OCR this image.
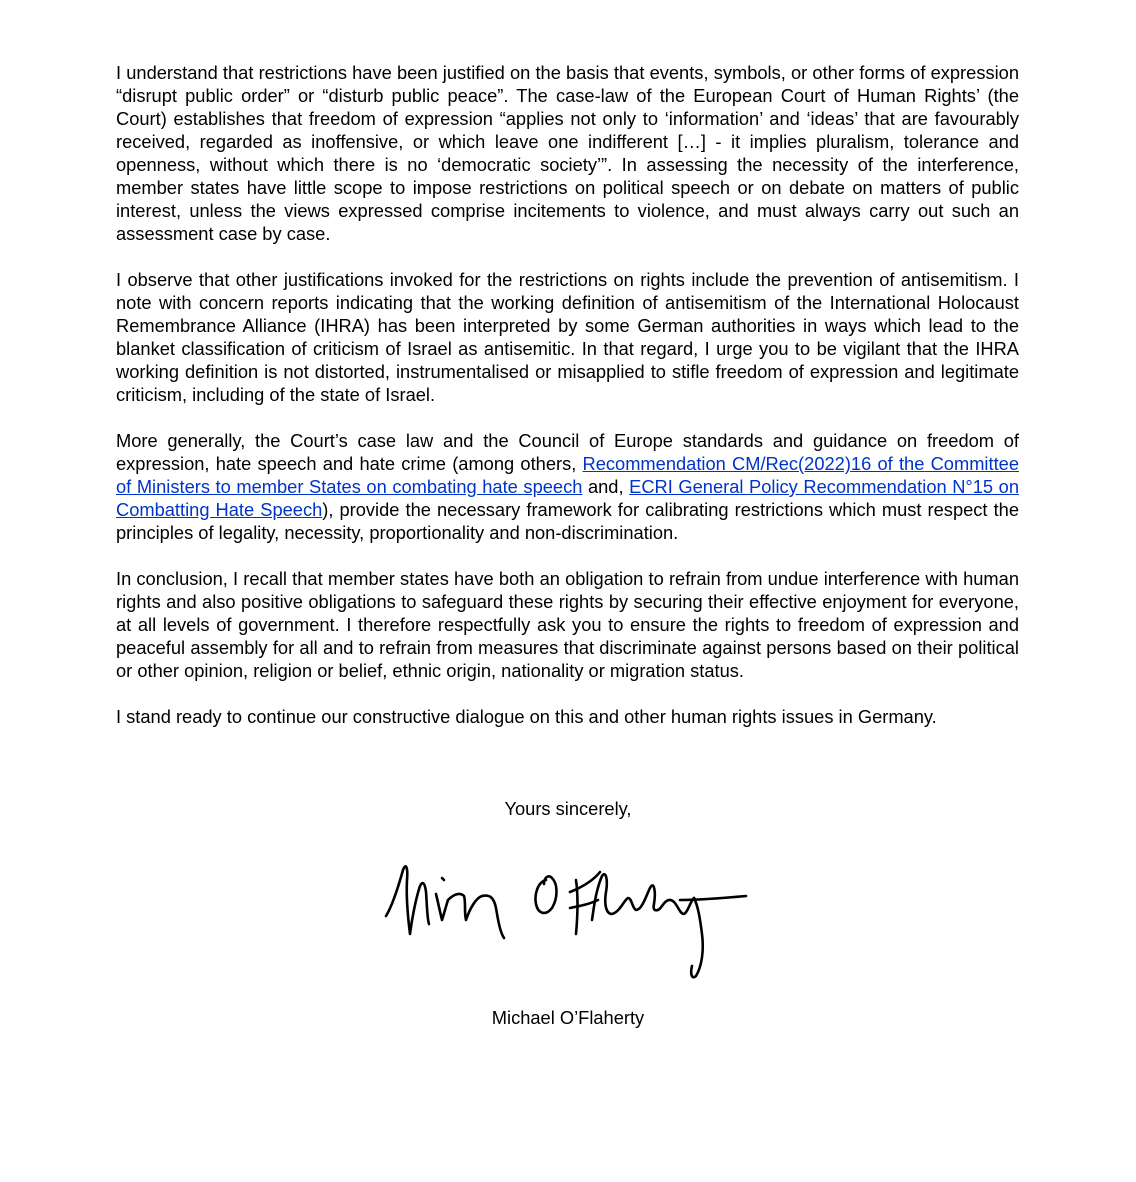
I understand that restrictions have been justified on the basis that events, symbols, or other forms of expression “disrupt public order” or “disturb public peace”. The case-law of the European Court of Human Rights’ (the Court) establishes that freedom of expression “applies not only to ‘information’ and ‘ideas’ that are favourably received, regarded as inoffensive, or which leave one indifferent […] - it implies pluralism, tolerance and openness, without which there is no ‘democratic society’”. In assessing the necessity of the interference, member states have little scope to impose restrictions on political speech or on debate on matters of public interest, unless the views expressed comprise incitements to violence, and must always carry out such an assessment case by case.

I observe that other justifications invoked for the restrictions on rights include the prevention of antisemitism. I note with concern reports indicating that the working definition of antisemitism of the International Holocaust Remembrance Alliance (IHRA) has been interpreted by some German authorities in ways which lead to the blanket classification of criticism of Israel as antisemitic. In that regard, I urge you to be vigilant that the IHRA working definition is not distorted, instrumentalised or misapplied to stifle freedom of expression and legitimate criticism, including of the state of Israel.

More generally, the Court’s case law and the Council of Europe standards and guidance on freedom of expression, hate speech and hate crime (among others, Recommendation CM/Rec(2022)16 of the Committee of Ministers to member States on combating hate speech and, ECRI General Policy Recommendation N°15 on Combatting Hate Speech), provide the necessary framework for calibrating restrictions which must respect the principles of legality, necessity, proportionality and non-discrimination.

In conclusion, I recall that member states have both an obligation to refrain from undue interference with human rights and also positive obligations to safeguard these rights by securing their effective enjoyment for everyone, at all levels of government. I therefore respectfully ask you to ensure the rights to freedom of expression and peaceful assembly for all and to refrain from measures that discriminate against persons based on their political or other opinion, religion or belief, ethnic origin, nationality or migration status.

I stand ready to continue our constructive dialogue on this and other human rights issues in Germany.

Yours sincerely,
Michael O’Flaherty
